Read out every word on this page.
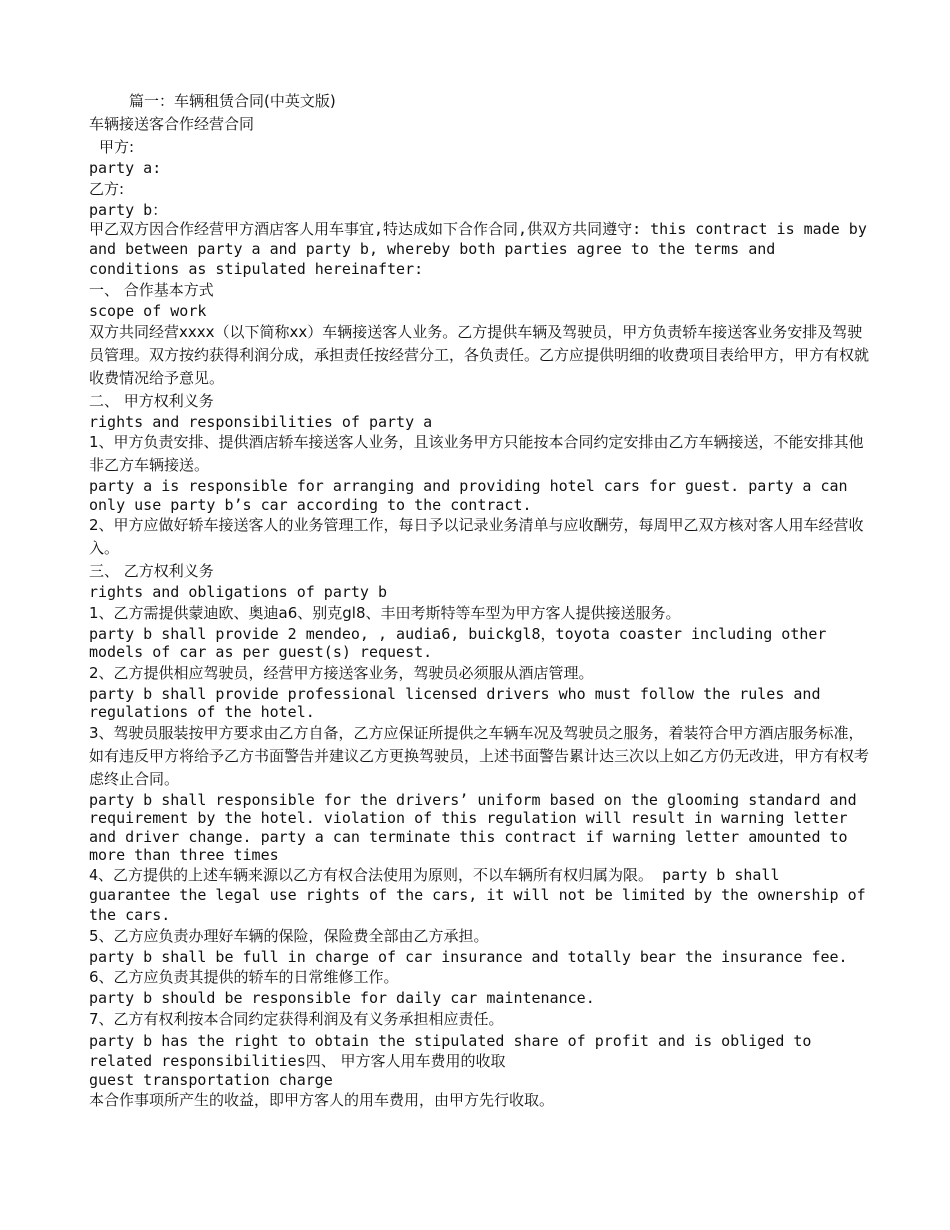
篇一：车辆租赁合同(中英文版)
车辆接送客合作经营合同
甲方:
party a:
乙方:
party b：
甲乙双方因合作经营甲方酒店客人用车事宜,特达成如下合作合同,供双方共同遵守: this contract is made by and between party a and party b, whereby both parties agree to the terms and conditions as stipulated hereinafter:
一、 合作基本方式
scope of work
双方共同经营xxxx（以下简称xx）车辆接送客人业务。乙方提供车辆及驾驶员，甲方负责轿车接送客业务安排及驾驶员管理。双方按约获得利润分成，承担责任按经营分工，各负责任。乙方应提供明细的收费项目表给甲方，甲方有权就收费情况给予意见。
二、 甲方权利义务
rights and responsibilities of party a
1、甲方负责安排、提供酒店轿车接送客人业务，且该业务甲方只能按本合同约定安排由乙方车辆接送，不能安排其他非乙方车辆接送。
party a is responsible for arranging and providing hotel cars for guest. party a can only use party b’s car according to the contract.
2、甲方应做好轿车接送客人的业务管理工作，每日予以记录业务清单与应收酬劳，每周甲乙双方核对客人用车经营收入。
三、 乙方权利义务
rights and obligations of party b
1、乙方需提供蒙迪欧、奥迪a6、别克gl8、丰田考斯特等车型为甲方客人提供接送服务。
party b shall provide 2 mendeo, , audia6, buickgl8，toyota coaster including other models of car as per guest(s) request.
2、乙方提供相应驾驶员，经营甲方接送客业务，驾驶员必须服从酒店管理。
party b shall provide professional licensed drivers who must follow the rules and regulations of the hotel.
3、驾驶员服装按甲方要求由乙方自备，乙方应保证所提供之车辆车况及驾驶员之服务，着装符合甲方酒店服务标准，如有违反甲方将给予乙方书面警告并建议乙方更换驾驶员，上述书面警告累计达三次以上如乙方仍无改进，甲方有权考虑终止合同。
party b shall responsible for the drivers’ uniform based on the glooming standard and requirement by the hotel. violation of this regulation will result in warning letter and driver change. party a can terminate this contract if warning letter amounted to more than three times
4、乙方提供的上述车辆来源以乙方有权合法使用为原则，不以车辆所有权归属为限。 party b shall guarantee the legal use rights of the cars, it will not be limited by the ownership of the cars.
5、乙方应负责办理好车辆的保险，保险费全部由乙方承担。
party b shall be full in charge of car insurance and totally bear the insurance fee.
6、乙方应负责其提供的轿车的日常维修工作。
party b should be responsible for daily car maintenance.
7、乙方有权利按本合同约定获得利润及有义务承担相应责任。
party b has the right to obtain the stipulated share of profit and is obliged to related responsibilities四、 甲方客人用车费用的收取
guest transportation charge
本合作事项所产生的收益，即甲方客人的用车费用，由甲方先行收取。
